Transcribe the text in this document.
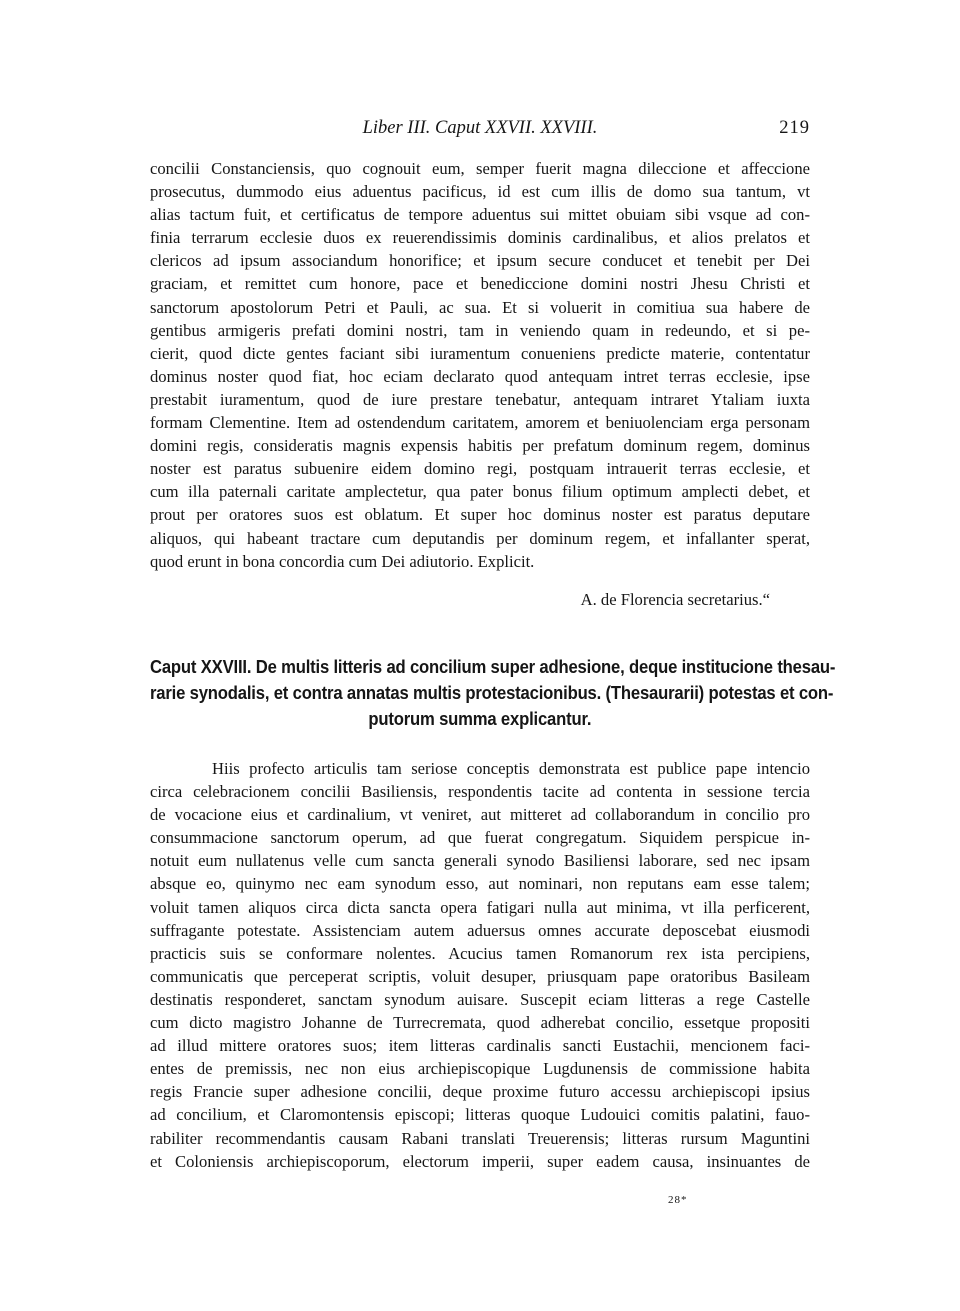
Liber III. Caput XXVII. XXVIII.	219
concilii Constanciensis, quo cognouit eum, semper fuerit magna dileccione et affeccione
prosecutus, dummodo eius aduentus pacificus, id est cum illis de domo sua tantum, vt
alias tactum fuit, et certificatus de tempore aduentus sui mittet obuiam sibi vsque ad con-
finia terrarum ecclesie duos ex reuerendissimis dominis cardinalibus, et alios prelatos et
clericos ad ipsum associandum honorifice; et ipsum secure conducet et tenebit per Dei
graciam, et remittet cum honore, pace et benediccione domini nostri Jhesu Christi et
sanctorum apostolorum Petri et Pauli, ac sua. Et si voluerit in comitiua sua habere de
gentibus armigeris prefati domini nostri, tam in veniendo quam in redeundo, et si pe-
cierit, quod dicte gentes faciant sibi iuramentum conueniens predicte materie, contentatur
dominus noster quod fiat, hoc eciam declarato quod antequam intret terras ecclesie, ipse
prestabit iuramentum, quod de iure prestare tenebatur, antequam intraret Ytaliam iuxta
formam Clementine. Item ad ostendendum caritatem, amorem et beniuolenciam erga personam
domini regis, consideratis magnis expensis habitis per prefatum dominum regem, dominus
noster est paratus subuenire eidem domino regi, postquam intrauerit terras ecclesie, et
cum illa paternali caritate amplectetur, qua pater bonus filium optimum amplecti debet, et
prout per oratores suos est oblatum. Et super hoc dominus noster est paratus deputare
aliquos, qui habeant tractare cum deputandis per dominum regem, et infallanter sperat,
quod erunt in bona concordia cum Dei adiutorio. Explicit.
A. de Florencia secretarius.“
Caput XXVIII. De multis litteris ad concilium super adhesione, deque institucione thesau-
rarie synodalis, et contra annatas multis protestacionibus. (Thesaurarii) potestas et con-
putorum summa explicantur.
Hiis profecto articulis tam seriose conceptis demonstrata est publice pape intencio
circa celebracionem concilii Basiliensis, respondentis tacite ad contenta in sessione tercia
de vocacione eius et cardinalium, vt veniret, aut mitteret ad collaborandum in concilio pro
consummacione sanctorum operum, ad que fuerat congregatum. Siquidem perspicue in-
notuit eum nullatenus velle cum sancta generali synodo Basiliensi laborare, sed nec ipsam
absque eo, quinymo nec eam synodum esso, aut nominari, non reputans eam esse talem;
voluit tamen aliquos circa dicta sancta opera fatigari nulla aut minima, vt illa perficerent,
suffragante potestate. Assistenciam autem aduersus omnes accurate deposcebat eiusmodi
practicis suis se conformare nolentes. Acucius tamen Romanorum rex ista percipiens,
communicatis que perceperat scriptis, voluit desuper, priusquam pape oratoribus Basileam
destinatis responderet, sanctam synodum auisare. Suscepit eciam litteras a rege Castelle
cum dicto magistro Johanne de Turrecremata, quod adherebat concilio, essetque propositi
ad illud mittere oratores suos; item litteras cardinalis sancti Eustachii, mencionem faci-
entes de premissis, nec non eius archiepiscopique Lugdunensis de commissione habita
regis Francie super adhesione concilii, deque proxime futuro accessu archiepiscopi ipsius
ad concilium, et Claromontensis episcopi; litteras quoque Ludouici comitis palatini, fauo-
rabiliter recommendantis causam Rabani translati Treuerensis; litteras rursum Maguntini
et Coloniensis archiepiscoporum, electorum imperii, super eadem causa, insinuantes de
28*
